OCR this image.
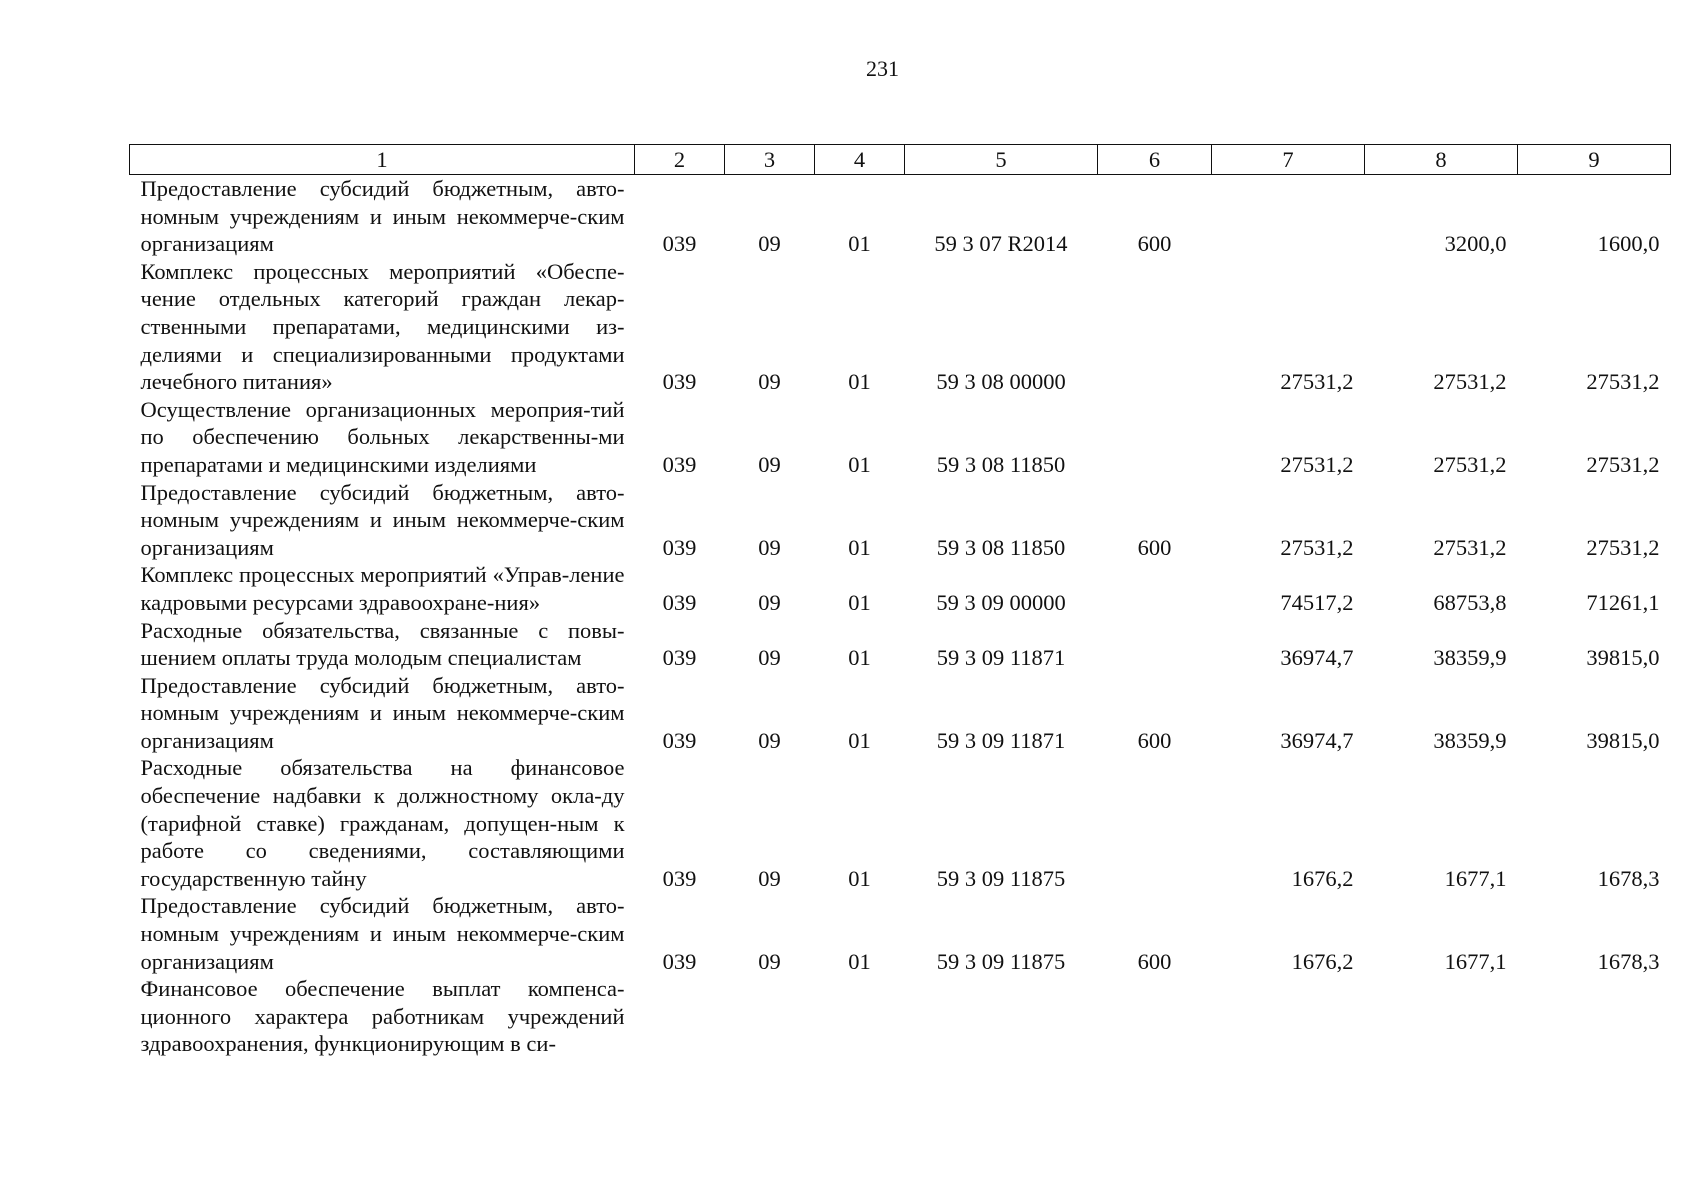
231
1	2	3	4	5	6	7	8	9
Предоставление субсидий бюджетным, авто-номным учреждениям и иным некоммерче-ским организациям	039	09	01	59 3 07 R2014	600		3200,0	1600,0
Комплекс процессных мероприятий «Обеспе-чение отдельных категорий граждан лекар-ственными препаратами, медицинскими из-делиями и специализированными продуктами лечебного питания»	039	09	01	59 3 08 00000		27531,2	27531,2	27531,2
Осуществление организационных мероприя-тий по обеспечению больных лекарственны-ми препаратами и медицинскими изделиями	039	09	01	59 3 08 11850		27531,2	27531,2	27531,2
Предоставление субсидий бюджетным, авто-номным учреждениям и иным некоммерче-ским организациям	039	09	01	59 3 08 11850	600	27531,2	27531,2	27531,2
Комплекс процессных мероприятий «Управ-ление кадровыми ресурсами здравоохране-ния»	039	09	01	59 3 09 00000		74517,2	68753,8	71261,1
Расходные обязательства, связанные с повы-шением оплаты труда молодым специалистам	039	09	01	59 3 09 11871		36974,7	38359,9	39815,0
Предоставление субсидий бюджетным, авто-номным учреждениям и иным некоммерче-ским организациям	039	09	01	59 3 09 11871	600	36974,7	38359,9	39815,0
Расходные обязательства на финансовое обеспечение надбавки к должностному окла-ду (тарифной ставке) гражданам, допущен-ным к работе со сведениями, составляющими государственную тайну	039	09	01	59 3 09 11875		1676,2	1677,1	1678,3
Предоставление субсидий бюджетным, авто-номным учреждениям и иным некоммерче-ским организациям	039	09	01	59 3 09 11875	600	1676,2	1677,1	1678,3
Финансовое обеспечение выплат компенса-ционного характера работникам учреждений здравоохранения, функционирующим в си-								
